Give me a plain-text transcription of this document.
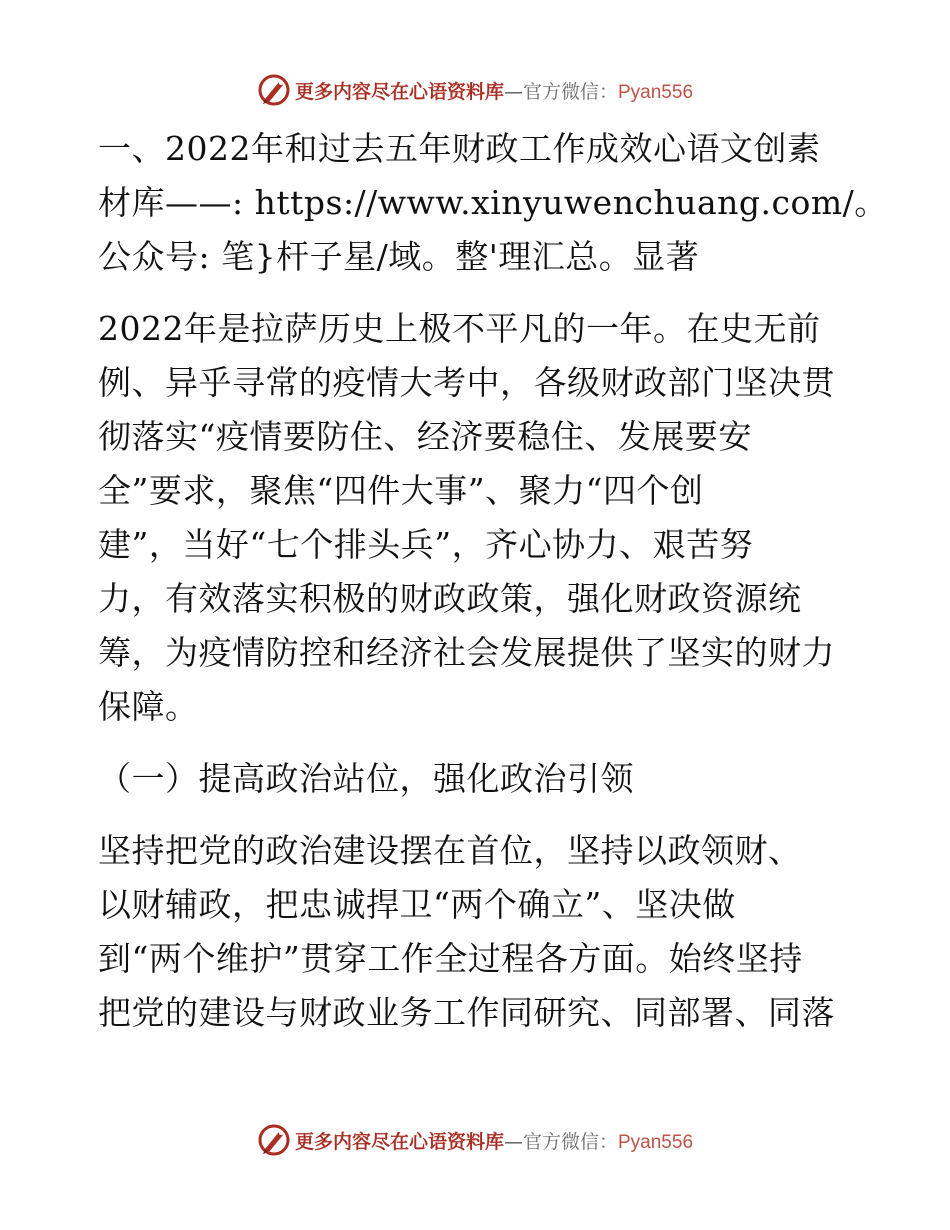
更多内容尽在心语资料库—官方微信：Pyan556
一、2022年和过去五年财政工作成效心语文创素
材库——: https://www.xinyuwenchuang.com/。
公众号: 笔}杆子星/域。整'理汇总。显著
2022年是拉萨历史上极不平凡的一年。在史无前
例、异乎寻常的疫情大考中，各级财政部门坚决贯
彻落实“疫情要防住、经济要稳住、发展要安
全”要求，聚焦“四件大事”、聚力“四个创
建”，当好“七个排头兵”，齐心协力、艰苦努
力，有效落实积极的财政政策，强化财政资源统
筹，为疫情防控和经济社会发展提供了坚实的财力
保障。
（一）提高政治站位，强化政治引领
坚持把党的政治建设摆在首位，坚持以政领财、
以财辅政，把忠诚捍卫“两个确立”、坚决做
到“两个维护”贯穿工作全过程各方面。始终坚持
把党的建设与财政业务工作同研究、同部署、同落
更多内容尽在心语资料库—官方微信：Pyan556
